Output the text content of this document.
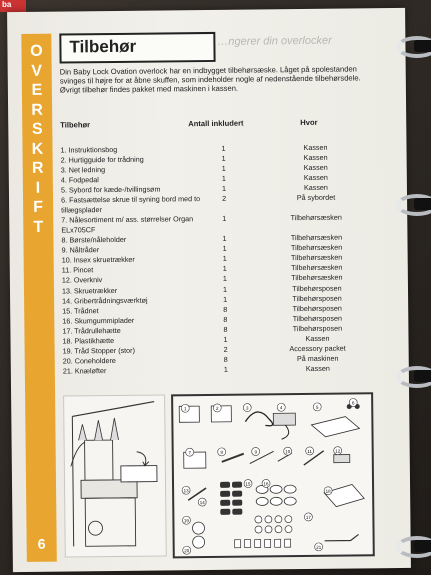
ba
O
V
E
R
S
K
R
I
F
T
6
Tilbehør	…ngerer din overlocker
Din Baby Lock Ovation overlock har en indbygget tilbehørsæske. Låget på spolestanden svinges til højre for at åbne skuffen, som indeholder nogle af nedenstående tilbehørsdele. Øvrigt tilbehør findes pakket med maskinen i kassen.
Tilbehør	Antall inkludert	Hvor
1. Instruktionsbog	1	Kassen
2. Hurtigguide for trådning	1	Kassen
3. Net ledning	1	Kassen
4. Fodpedal	1	Kassen
5. Sybord for kæde-/tvillingsøm	1	Kassen
6. Fastsættelse skrue til syning bord med to tillægsplader
2	På sybordet
7. Nålesortiment m/ ass. størrelser Organ ELx705CF
1	Tilbehørsæsken
8. Børste/nåleholder	1	Tilbehørsæsken
9. Nåltråder	1	Tilbehørsæsken
10. Insex skruetrækker	1	Tilbehørsæsken
11. Pincet	1	Tilbehørsæsken
12. Overkniv	1	Tilbehørsæsken
13. Skruetrækker	1	Tilbehørsposen
14. Gribertrådningsværktøj	1	Tilbehørsposen
15. Trådnet	8	Tilbehørsposen
16. Skumgummiplader	8	Tilbehørsposen
17. Trådrullehætte	8	Tilbehørsposen
18. Plastikhætte	1	Kassen
19. Tråd Stopper (stor)	2	Accessory packet
20. Coneholdere	8	På maskinen
21. Knæløfter	1	Kassen
1	2	3	4	5
6
7	8	9	10	11	12
13
14
15	16
17
18
19
20
21
